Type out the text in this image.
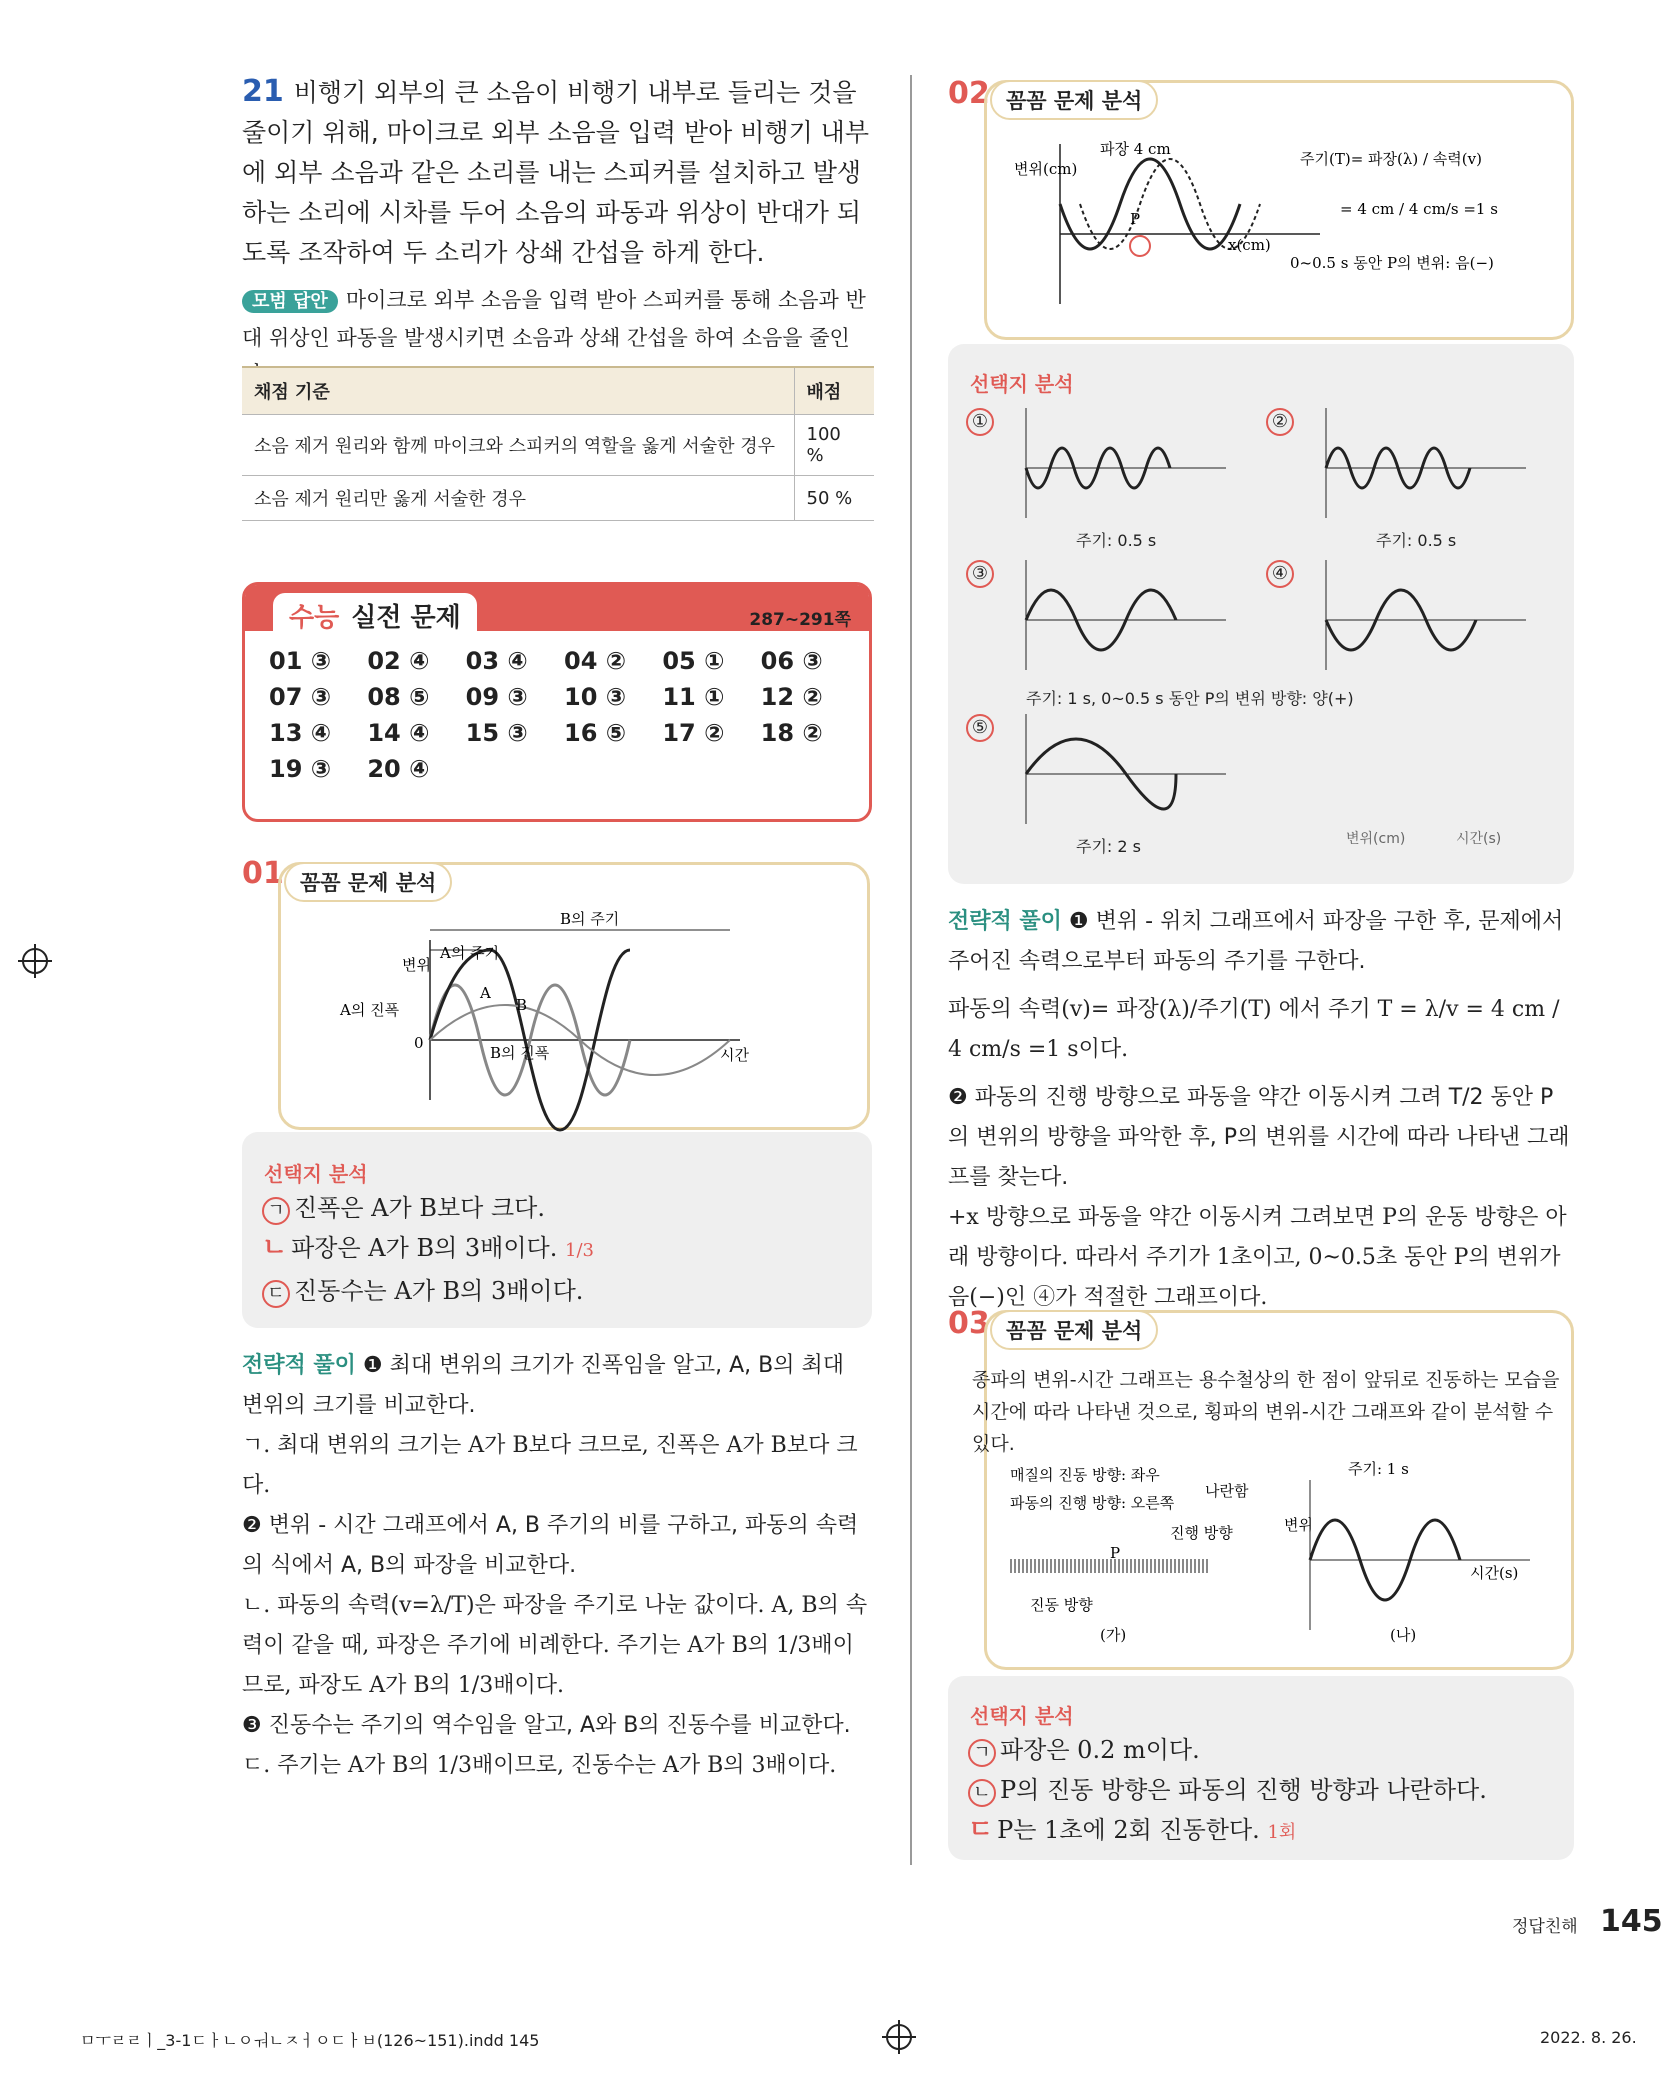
21 비행기 외부의 큰 소음이 비행기 내부로 들리는 것을 줄이기 위해, 마이크로 외부 소음을 입력 받아 비행기 내부에 외부 소음과 같은 소리를 내는 스피커를 설치하고 발생하는 소리에 시차를 두어 소음의 파동과 위상이 반대가 되도록 조작하여 두 소리가 상쇄 간섭을 하게 한다.
모범 답안 마이크로 외부 소음을 입력 받아 스피커를 통해 소음과 반대 위상인 파동을 발생시키면 소음과 상쇄 간섭을 하여 소음을 줄인
채점 기준	배점
소음 제거 원리와 함께 마이크와 스피커의 역할을 옳게 서술한 경우	100 %
소음 제거 원리만 옳게 서술한 경우	50 %
수능 실전 문제	287~291쪽
01 ③	02 ④	03 ④	04 ②	05 ①	06 ③
07 ③	08 ⑤	09 ③	10 ③	11 ①	12 ②
13 ④	14 ④	15 ③	16 ⑤	17 ②	18 ②
19 ③	20 ④
01 꼼꼼 문제 분석
B의 주기
A의 주기
변위
A의 진폭
A
B
B의 진폭
0
시간
선택지 분석
ㄱ 진폭은 A가 B보다 크다.
ㄴ 파장은 A가 B의 3배이다. 1/3
ㄷ 진동수는 A가 B의 3배이다.
전략적 풀이 ❶ 최대 변위의 크기가 진폭임을 알고, A, B의 최대 변위의 크기를 비교한다.
ㄱ. 최대 변위의 크기는 A가 B보다 크므로, 진폭은 A가 B보다 크다.
❷ 변위 - 시간 그래프에서 A, B 주기의 비를 구하고, 파동의 속력의 식에서 A, B의 파장을 비교한다.
ㄴ. 파동의 속력(v=λ/T)은 파장을 주기로 나눈 값이다. A, B의 속력이 같을 때, 파장은 주기에 비례한다. 주기는 A가 B의 1/3배이므로, 파장도 A가 B의 1/3배이다.
❸ 진동수는 주기의 역수임을 알고, A와 B의 진동수를 비교한다.
ㄷ. 주기는 A가 B의 1/3배이므로, 진동수는 A가 B의 3배이다.
02 꼼꼼 문제 분석
변위(cm)
파장 4 cm
P
x(cm)
0~0.5 s 동안 P의 변위: 음(−)
주기(T)= 파장(λ) / 속력(v)
= 4 cm / 4 cm/s =1 s
선택지 분석
①
주기: 0.5 s
②
주기: 0.5 s
③	④
주기: 1 s, 0~0.5 s 동안 P의 변위 방향: 양(+)
⑤
주기: 2 s	변위(cm)	시간(s)
전략적 풀이 ❶ 변위 - 위치 그래프에서 파장을 구한 후, 문제에서 주어진 속력으로부터 파동의 주기를 구한다.
파동의 속력(v)= 파장(λ)/주기(T) 에서 주기 T = λ/v = 4 cm / 4 cm/s =1 s이다.
❷ 파동의 진행 방향으로 파동을 약간 이동시켜 그려 T/2 동안 P의 변위의 방향을 파악한 후, P의 변위를 시간에 따라 나타낸 그래프를 찾는다.
+x 방향으로 파동을 약간 이동시켜 그려보면 P의 운동 방향은 아래 방향이다. 따라서 주기가 1초이고, 0~0.5초 동안 P의 변위가 음(−)인 ④가 적절한 그래프이다.
03 꼼꼼 문제 분석
종파의 변위-시간 그래프는 용수철상의 한 점이 앞뒤로 진동하는 모습을 시간에 따라 나타낸 것으로, 횡파의 변위-시간 그래프와 같이 분석할 수 있다.
매질의 진동 방향: 좌우
파동의 진행 방향: 오른쪽
나란함
진행 방향
P
진동 방향
(가)
주기: 1 s
변위
시간(s)
(나)
선택지 분석
ㄱ 파장은 0.2 m이다.
ㄴ P의 진동 방향은 파동의 진행 방향과 나란하다.
ㄷ P는 1초에 2회 진동한다. 1회
정답친해 145
ㅁㅜㄹㄹㅣ_3-1ㄷㅏㄴㅇㅝㄴㅈㅓㅇㄷㅏㅂ(126~151).indd 145	2022. 8. 26.
